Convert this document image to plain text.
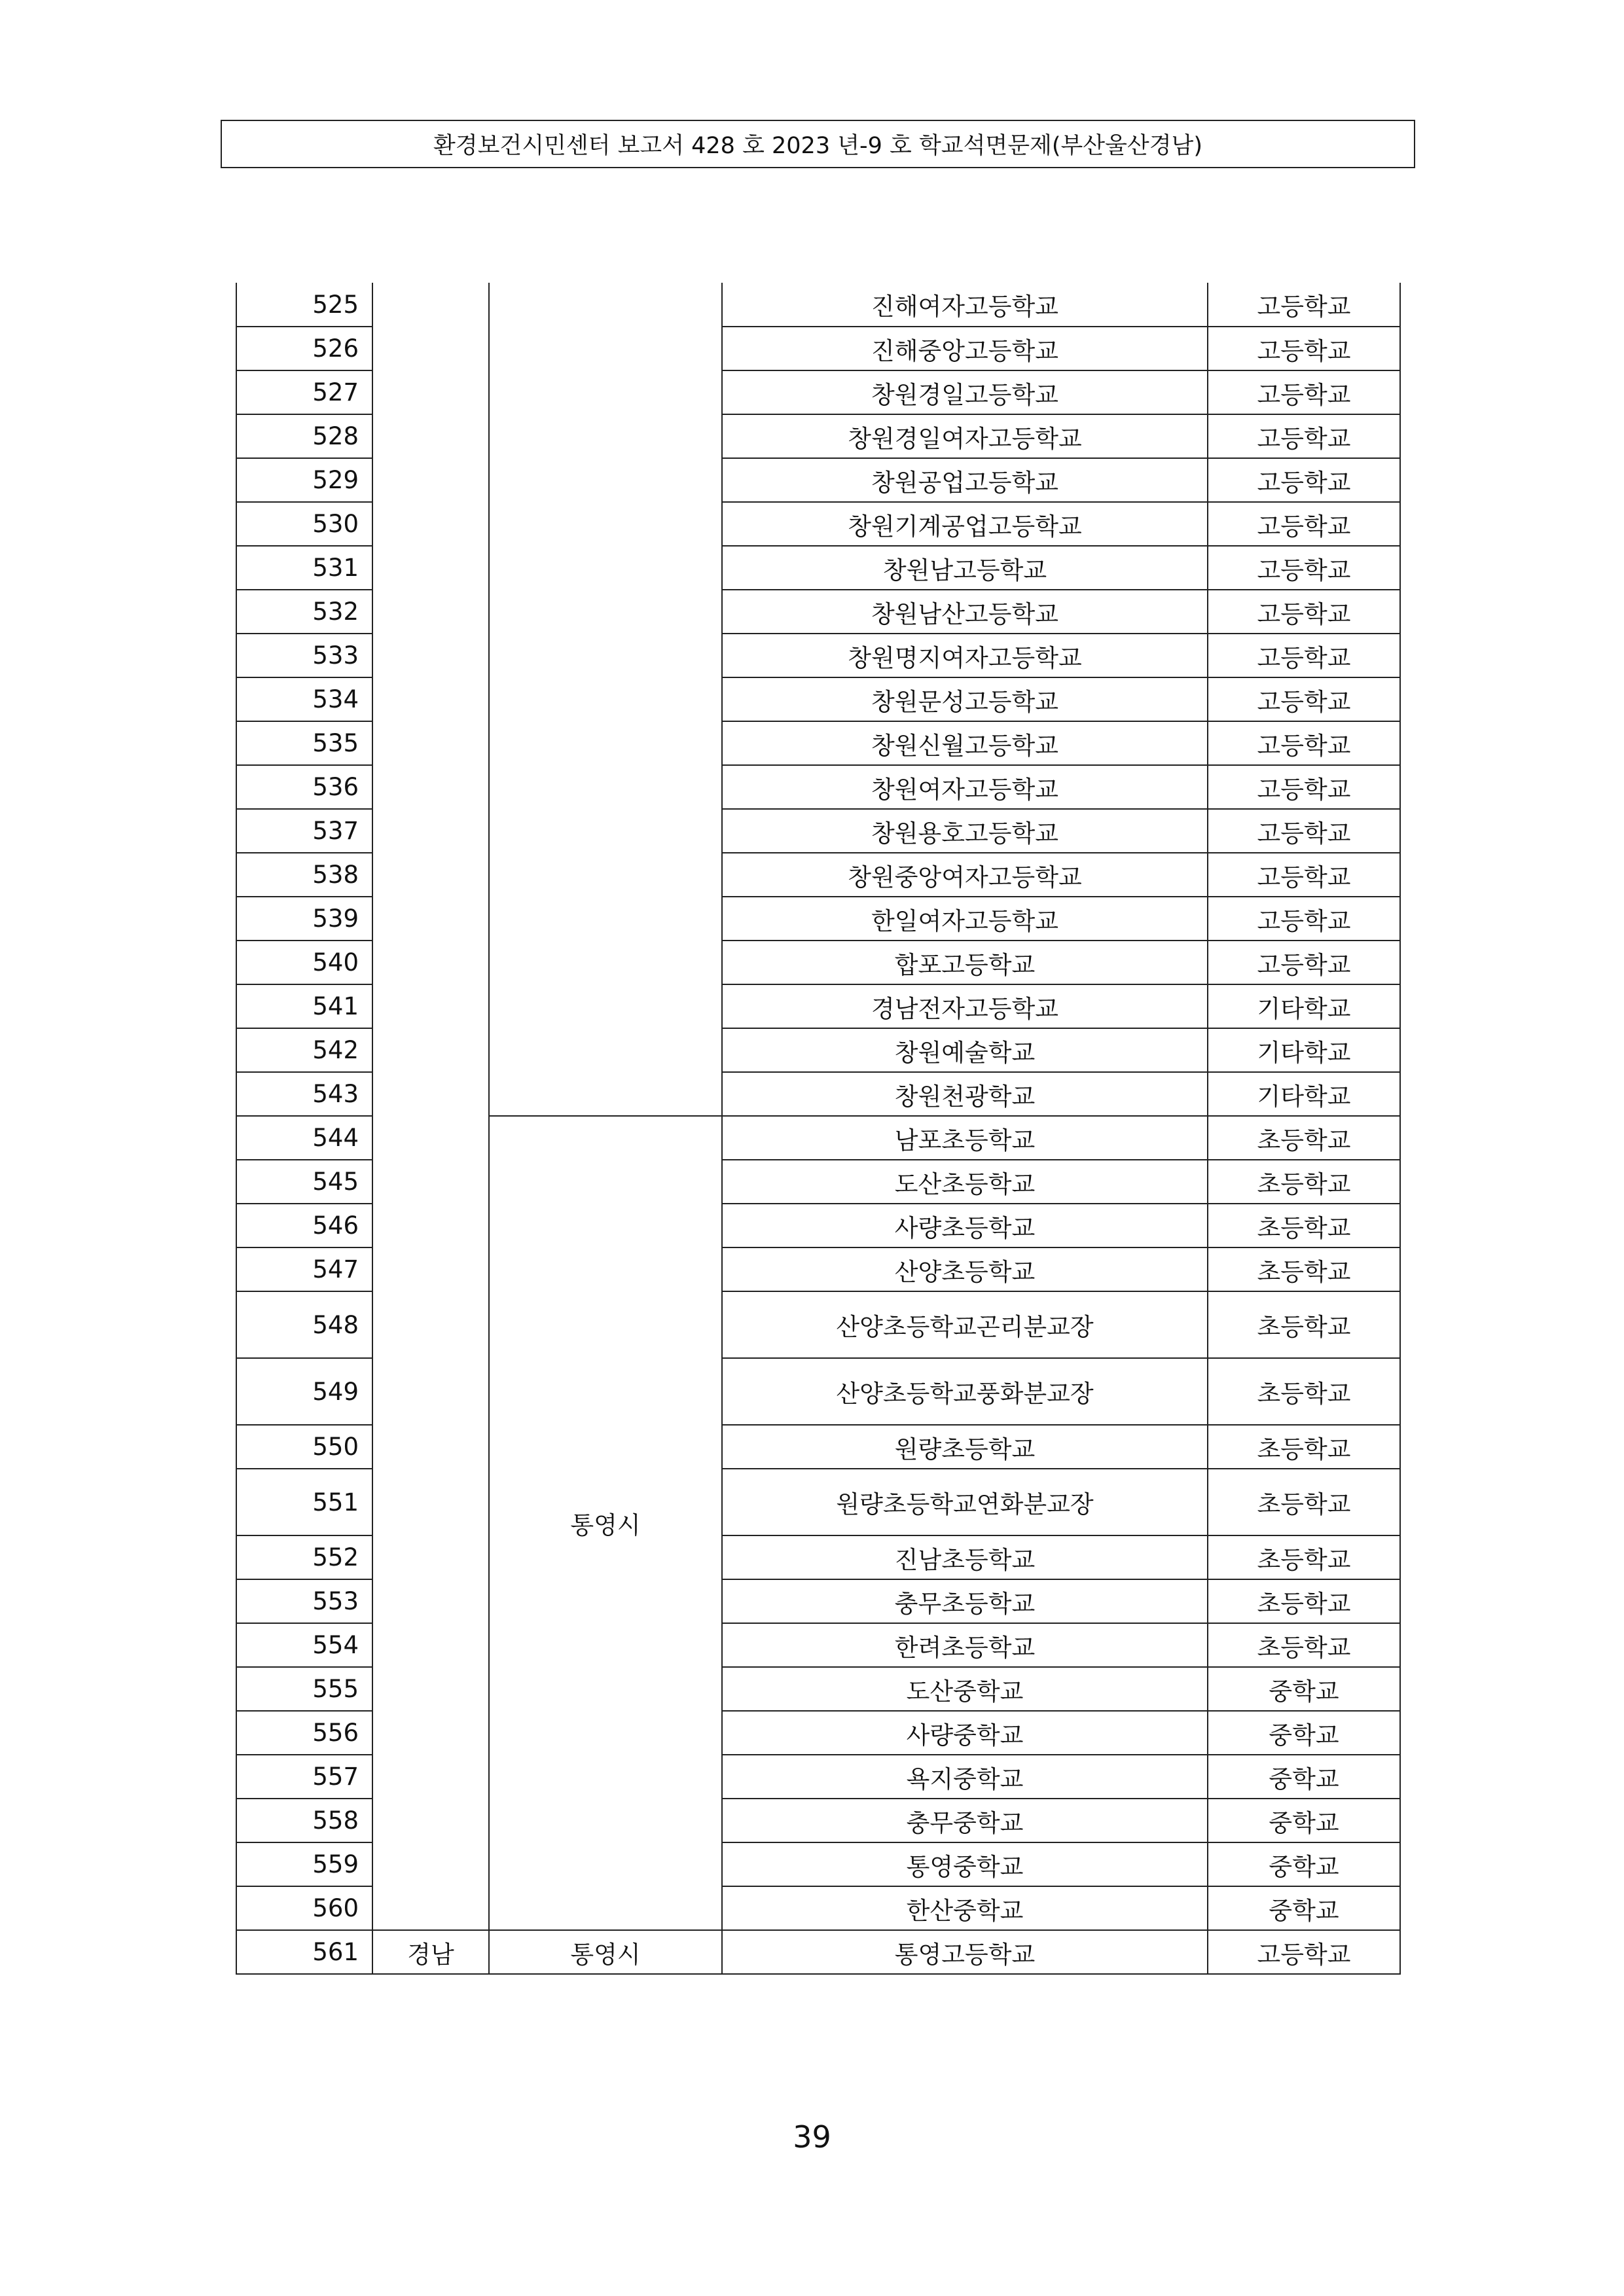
환경보건시민센터 보고서 428 호 2023 년-9 호 학교석면문제(부산울산경남)
525			진해여자고등학교	고등학교
526			진해중앙고등학교	고등학교
527			창원경일고등학교	고등학교
528			창원경일여자고등학교	고등학교
529			창원공업고등학교	고등학교
530			창원기계공업고등학교	고등학교
531			창원남고등학교	고등학교
532			창원남산고등학교	고등학교
533			창원명지여자고등학교	고등학교
534			창원문성고등학교	고등학교
535			창원신월고등학교	고등학교
536			창원여자고등학교	고등학교
537			창원용호고등학교	고등학교
538			창원중앙여자고등학교	고등학교
539			한일여자고등학교	고등학교
540			합포고등학교	고등학교
541			경남전자고등학교	기타학교
542			창원예술학교	기타학교
543			창원천광학교	기타학교
544		통영시	남포초등학교	초등학교
545			도산초등학교	초등학교
546			사량초등학교	초등학교
547			산양초등학교	초등학교
548			산양초등학교곤리분교장	초등학교
549			산양초등학교풍화분교장	초등학교
550			원량초등학교	초등학교
551			원량초등학교연화분교장	초등학교
552			진남초등학교	초등학교
553			충무초등학교	초등학교
554			한려초등학교	초등학교
555			도산중학교	중학교
556			사량중학교	중학교
557			욕지중학교	중학교
558			충무중학교	중학교
559			통영중학교	중학교
560			한산중학교	중학교
561	경남	통영시	통영고등학교	고등학교
39
